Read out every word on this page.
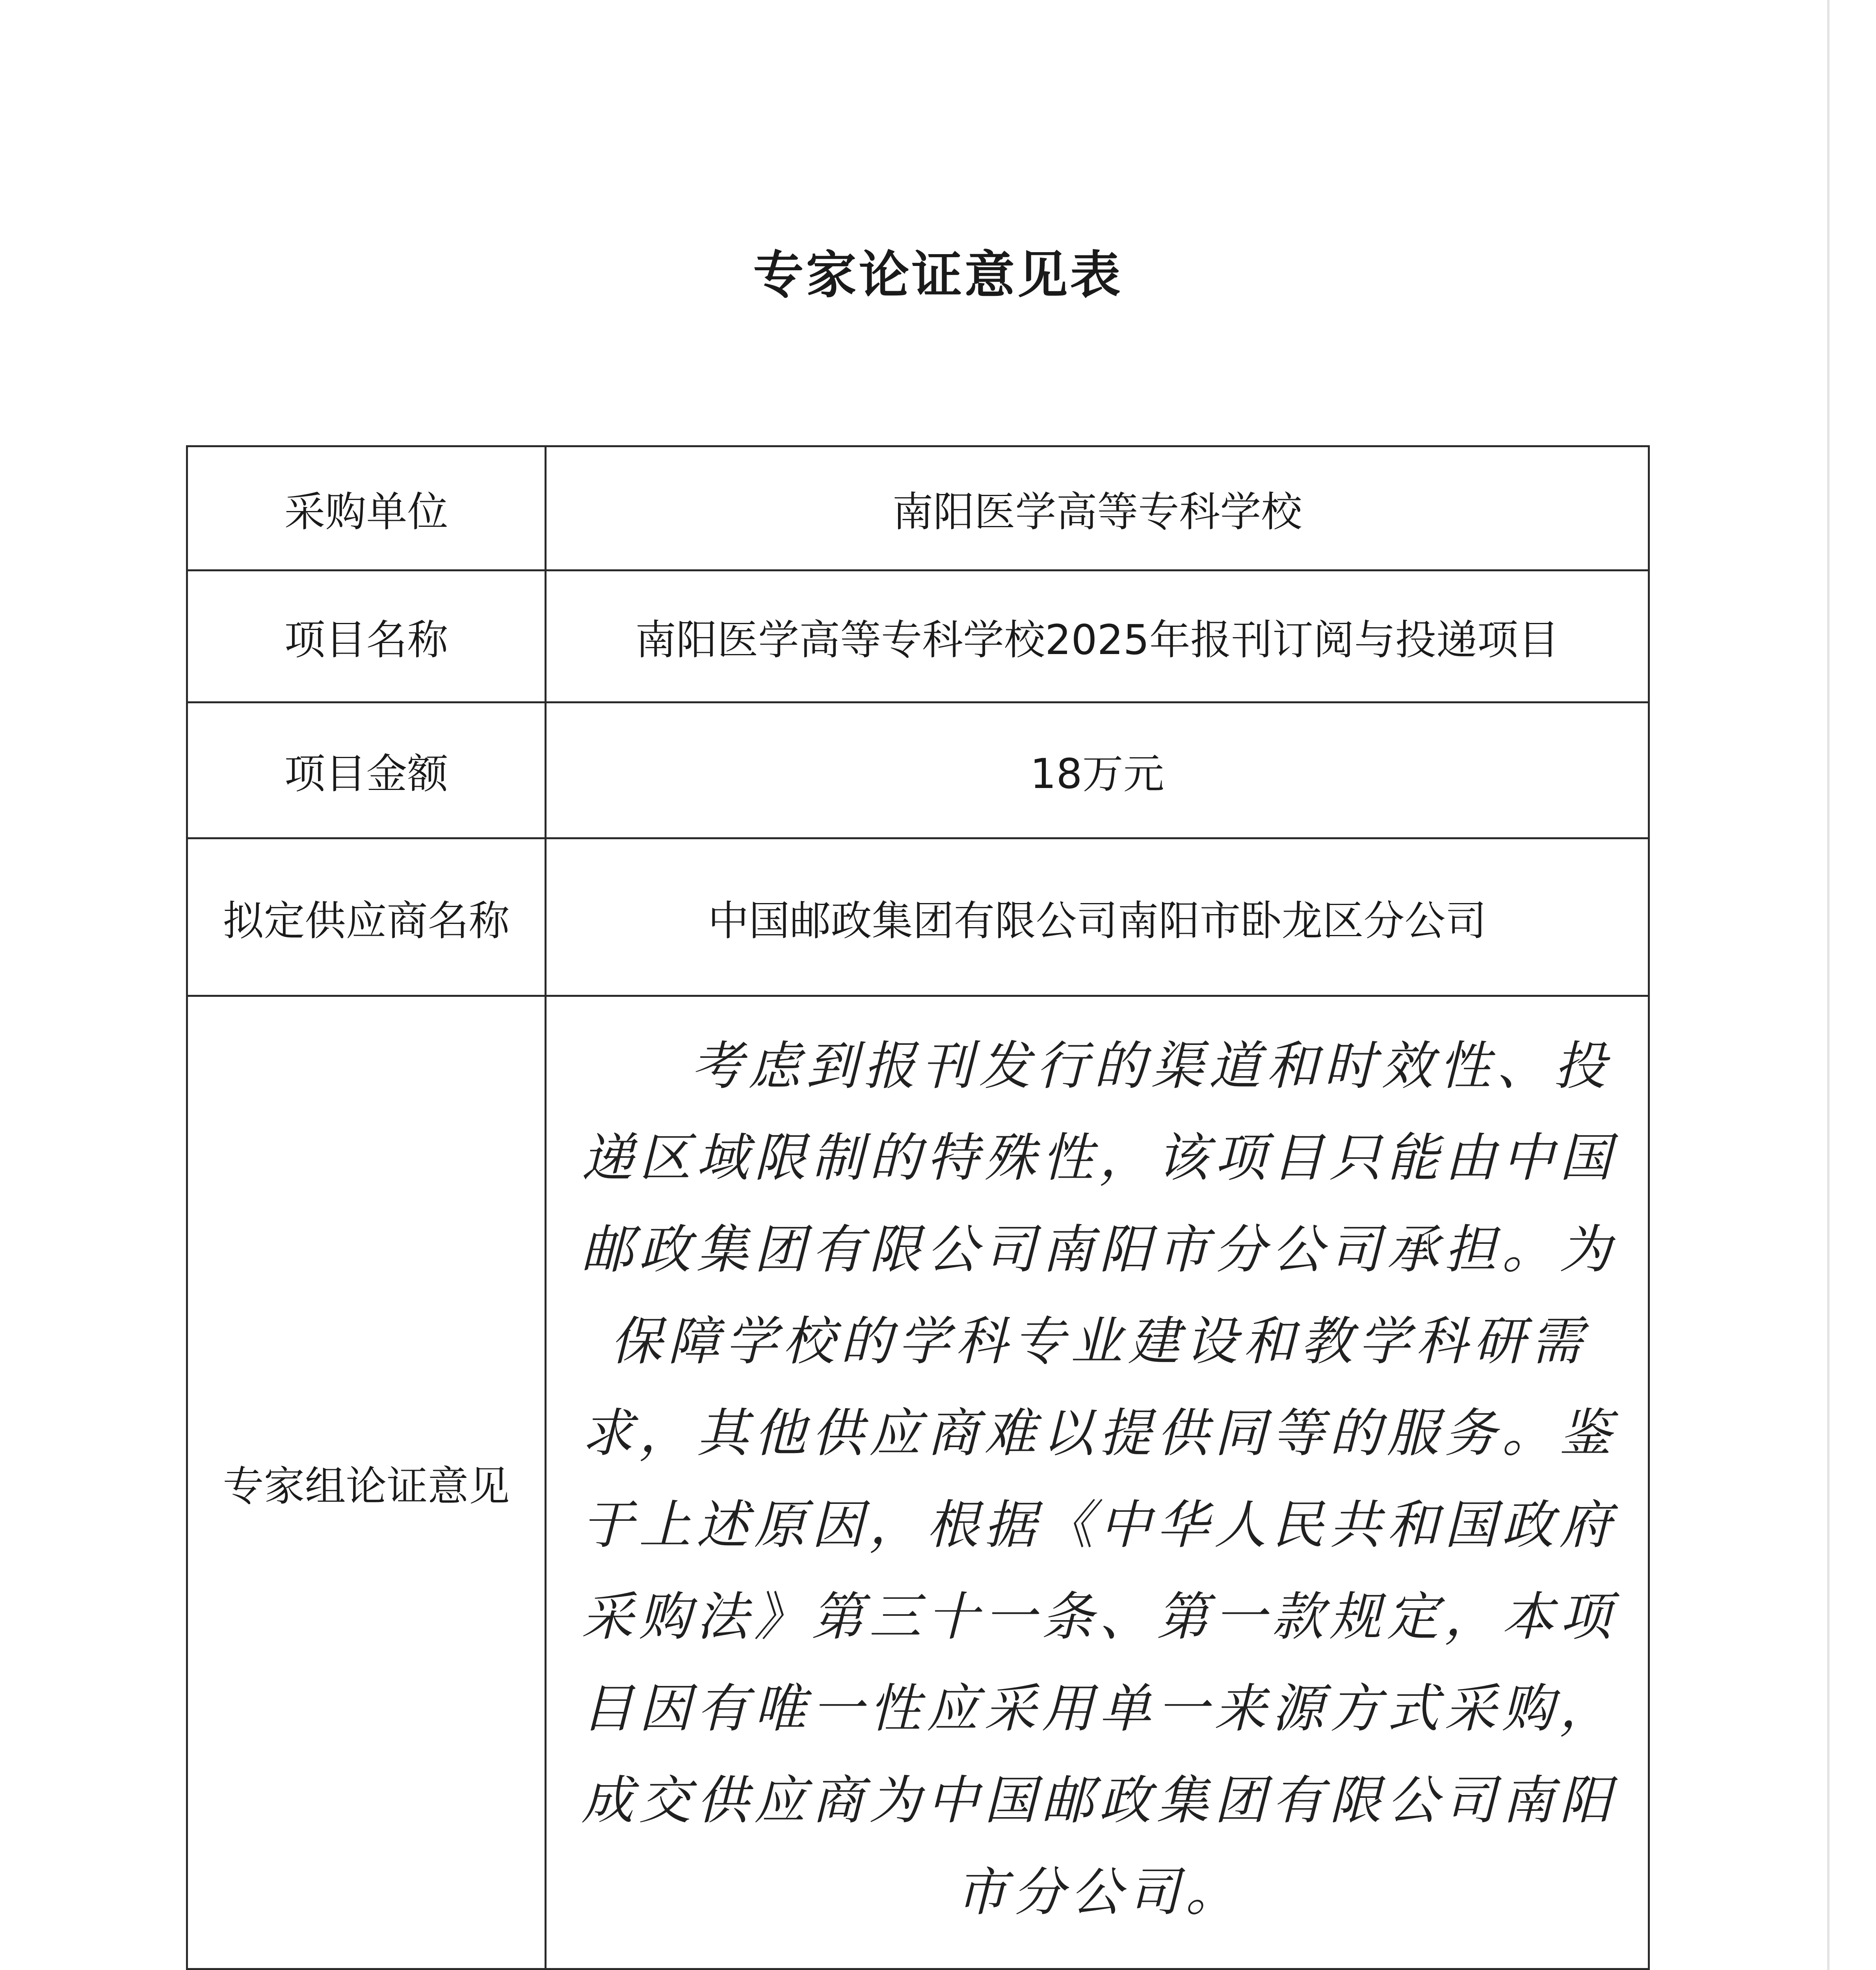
专家论证意见表
采购单位	南阳医学高等专科学校
项目名称	南阳医学高等专科学校2025年报刊订阅与投递项目
项目金额	18万元
拟定供应商名称	中国邮政集团有限公司南阳市卧龙区分公司
专家组论证意见	考虑到报刊发行的渠道和时效性、投递区域限制的特殊性，该项目只能由中国邮政集团有限公司南阳市分公司承担。为保障学校的学科专业建设和教学科研需求，其他供应商难以提供同等的服务。鉴于上述原因，根据《中华人民共和国政府采购法》第三十一条、第一款规定，本项目因有唯一性应采用单一来源方式采购，成交供应商为中国邮政集团有限公司南阳市分公司。
